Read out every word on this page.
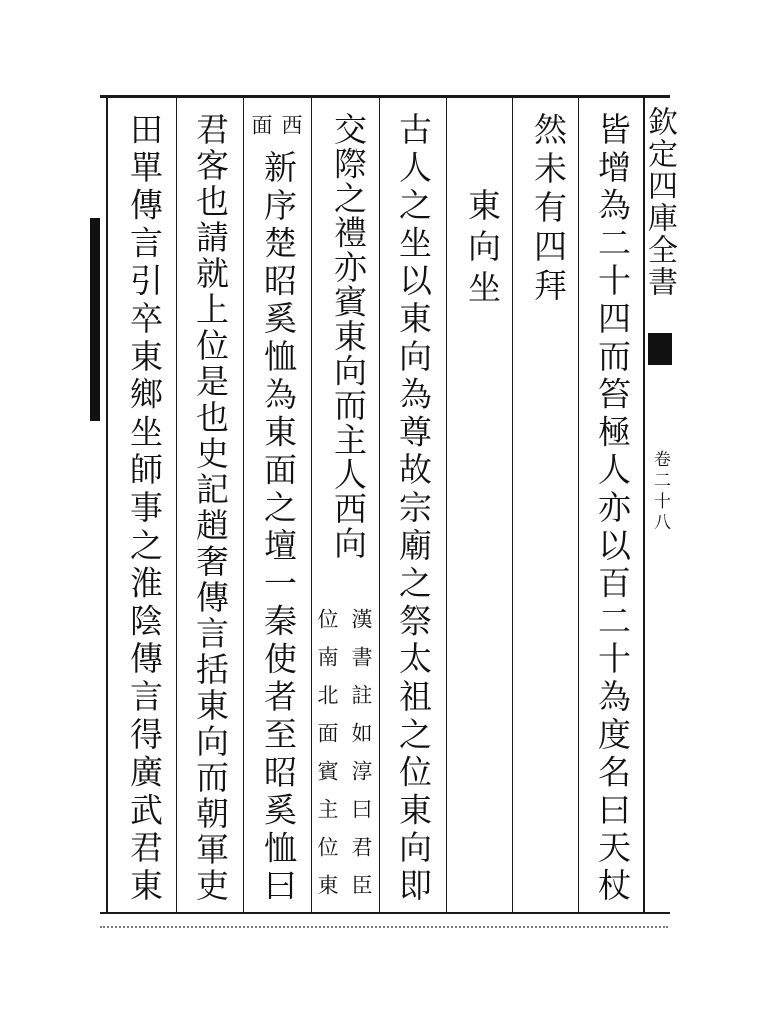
欽定四庫全書
卷二十八
皆增為二十四而笞極人亦以百二十為度名曰天杖
然未有四拜
東向坐
古人之坐以東向為尊故宗廟之祭太祖之位東向即
交際之禮亦賓東向而主人西向
漢書註如淳曰君臣
位南北面賓主位東
西
面
新序楚昭奚恤為東面之壇一秦使者至昭奚恤曰
君客也請就上位是也史記趙奢傳言括東向而朝軍吏
田單傳言引卒東鄉坐師事之淮陰傳言得廣武君東
